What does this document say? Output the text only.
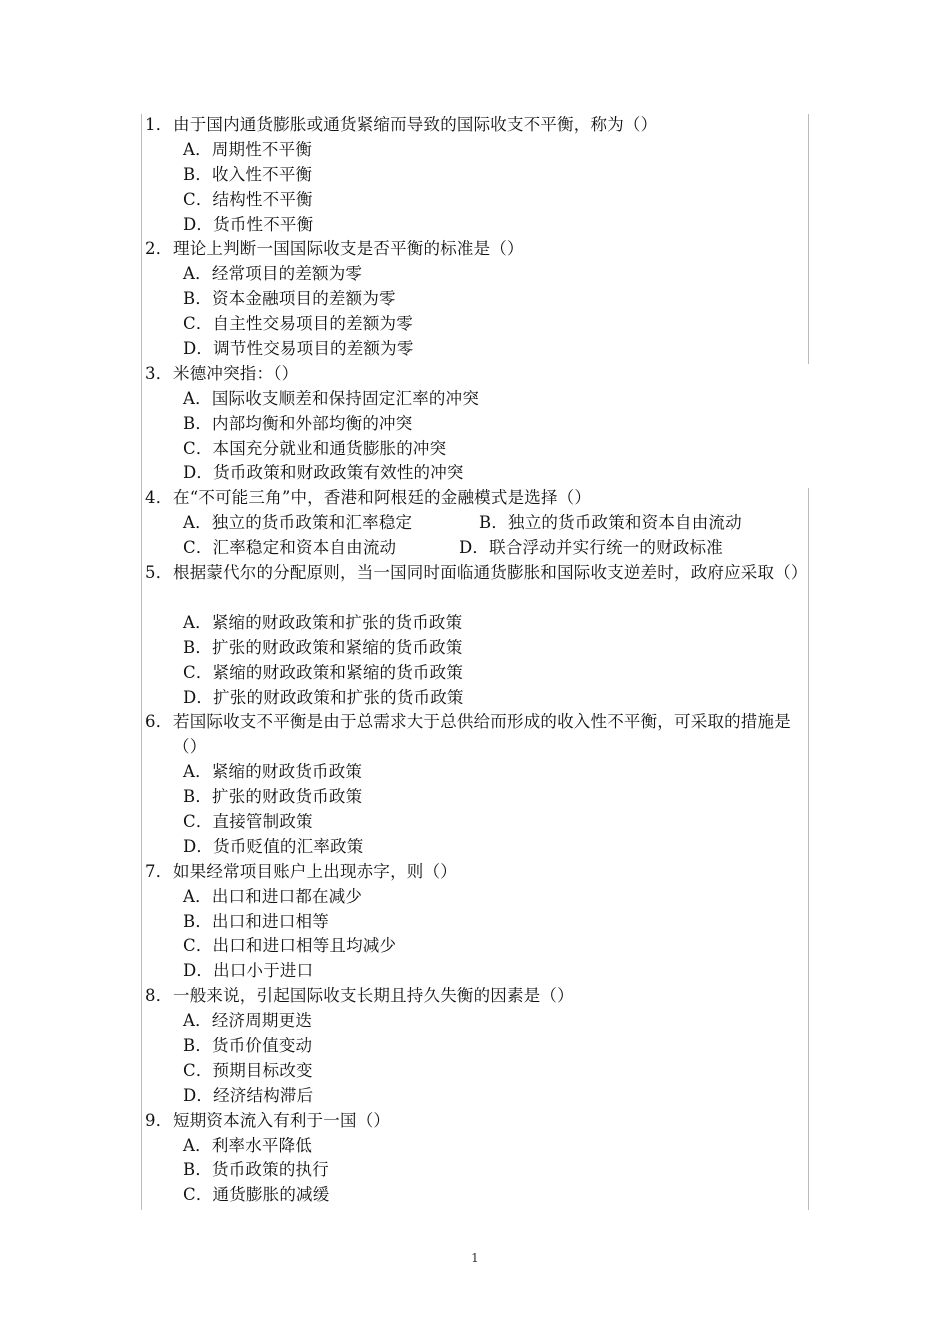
1． 由于国内通货膨胀或通货紧缩而导致的国际收支不平衡，称为（）
A．周期性不平衡
B．收入性不平衡
C．结构性不平衡
D．货币性不平衡
2． 理论上判断一国国际收支是否平衡的标准是（）
A．经常项目的差额为零
B．资本金融项目的差额为零
C．自主性交易项目的差额为零
D．调节性交易项目的差额为零
3． 米德冲突指：（）
A．国际收支顺差和保持固定汇率的冲突
B．内部均衡和外部均衡的冲突
C．本国充分就业和通货膨胀的冲突
D．货币政策和财政政策有效性的冲突
4． 在“不可能三角”中，香港和阿根廷的金融模式是选择（）
A．独立的货币政策和汇率稳定	B．独立的货币政策和资本自由流动
C．汇率稳定和资本自由流动	D．联合浮动并实行统一的财政标准
5． 根据蒙代尔的分配原则，当一国同时面临通货膨胀和国际收支逆差时，政府应采取（）
A．紧缩的财政政策和扩张的货币政策
B．扩张的财政政策和紧缩的货币政策
C．紧缩的财政政策和紧缩的货币政策
D．扩张的财政政策和扩张的货币政策
6． 若国际收支不平衡是由于总需求大于总供给而形成的收入性不平衡，可采取的措施是（）
A．紧缩的财政货币政策
B．扩张的财政货币政策
C．直接管制政策
D．货币贬值的汇率政策
7． 如果经常项目账户上出现赤字，则（）
A．出口和进口都在减少
B．出口和进口相等
C．出口和进口相等且均减少
D．出口小于进口
8． 一般来说，引起国际收支长期且持久失衡的因素是（）
A．经济周期更迭
B．货币价值变动
C．预期目标改变
D．经济结构滞后
9． 短期资本流入有利于一国（）
A．利率水平降低
B．货币政策的执行
C．通货膨胀的减缓
1
